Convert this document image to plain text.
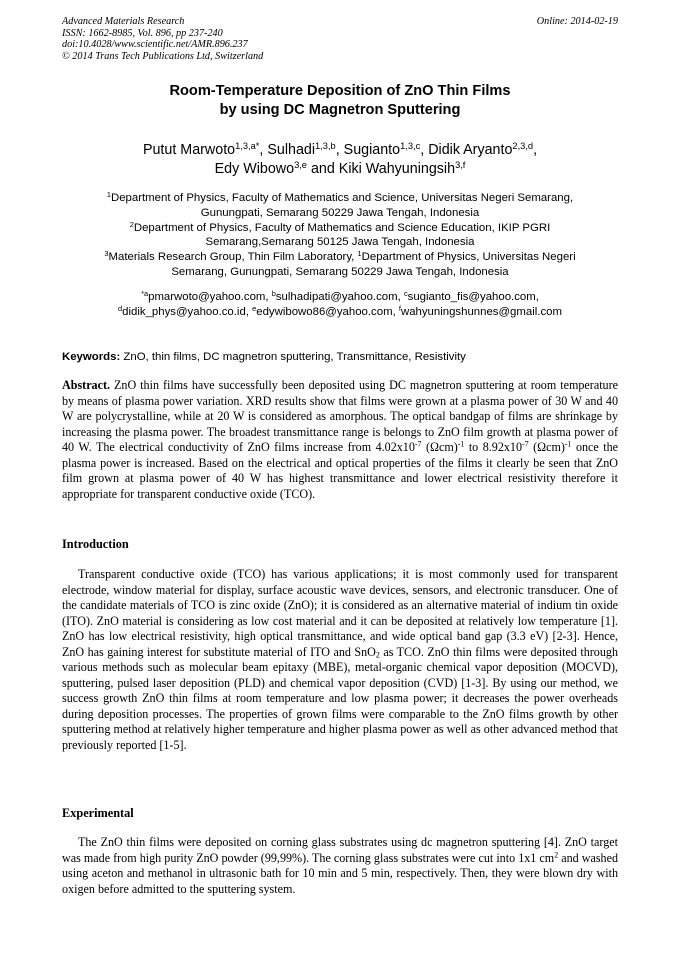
Advanced Materials Research
ISSN: 1662-8985, Vol. 896, pp 237-240
doi:10.4028/www.scientific.net/AMR.896.237
© 2014 Trans Tech Publications Ltd, Switzerland
Online: 2014-02-19
Room-Temperature Deposition of ZnO Thin Films
by using DC Magnetron Sputtering
Putut Marwoto$^{1,3,a*}$, Sulhadi$^{1,3,b}$, Sugianto$^{1,3,c}$, Didik Aryanto$^{2,3,d}$,
Edy Wibowo$^{3,e}$ and Kiki Wahyuningsih$^{3,f}$
$^1$Department of Physics, Faculty of Mathematics and Science, Universitas Negeri Semarang,
Gunungpati, Semarang 50229 Jawa Tengah, Indonesia
$^2$Department of Physics, Faculty of Mathematics and Science Education, IKIP PGRI
Semarang,Semarang 50125 Jawa Tengah, Indonesia
$^3$Materials Research Group, Thin Film Laboratory, $^1$Department of Physics, Universitas Negeri
Semarang, Gunungpati, Semarang 50229 Jawa Tengah, Indonesia
$^{*a}$pmarwoto@yahoo.com, $^b$sulhadipati@yahoo.com, $^c$sugianto_fis@yahoo.com,
$^d$didik_phys@yahoo.co.id, $^e$edywibowo86@yahoo.com, $^f$wahyuningshunnes@gmail.com
Keywords: ZnO, thin films, DC magnetron sputtering, Transmittance, Resistivity
Abstract. ZnO thin films have successfully been deposited using DC magnetron sputtering at room temperature by means of plasma power variation. XRD results show that films were grown at a plasma power of 30 W and 40 W are polycrystalline, while at 20 W is considered as amorphous. The optical bandgap of films are shrinkage by increasing the plasma power. The broadest transmittance range is belongs to ZnO film growth at plasma power of 40 W. The electrical conductivity of ZnO films increase from $4.02x10^{-7}$ $(\Omega cm)^{-1}$ to $8.92x10^{-7}$ $(\Omega cm)^{-1}$ once the plasma power is increased. Based on the electrical and optical properties of the films it clearly be seen that ZnO film grown at plasma power of 40 W has highest transmittance and lower electrical resistivity therefore it appropriate for transparent conductive oxide (TCO).
Introduction
Transparent conductive oxide (TCO) has various applications; it is most commonly used for transparent electrode, window material for display, surface acoustic wave devices, sensors, and electronic transducer. One of the candidate materials of TCO is zinc oxide (ZnO); it is considered as an alternative material of indium tin oxide (ITO). ZnO material is considering as low cost material and it can be deposited at relatively low temperature [1]. ZnO has low electrical resistivity, high optical transmittance, and wide optical band gap (3.3 eV) [2-3]. Hence, ZnO has gaining interest for substitute material of ITO and SnO$_2$ as TCO. ZnO thin films were deposited through various methods such as molecular beam epitaxy (MBE), metal-organic chemical vapor deposition (MOCVD), sputtering, pulsed laser deposition (PLD) and chemical vapor deposition (CVD) [1-3]. By using our method, we success growth ZnO thin films at room temperature and low plasma power; it decreases the power overheads during deposition processes. The properties of grown films were comparable to the ZnO films growth by other sputtering method at relatively higher temperature and higher plasma power as well as other advanced method that previously reported [1-5].
Experimental
The ZnO thin films were deposited on corning glass substrates using dc magnetron sputtering [4]. ZnO target was made from high purity ZnO powder (99,99%). The corning glass substrates were cut into 1x1 $cm^2$ and washed using aceton and methanol in ultrasonic bath for 10 min and 5 min, respectively. Then, they were blown dry with oxigen before admitted to the sputtering system.
